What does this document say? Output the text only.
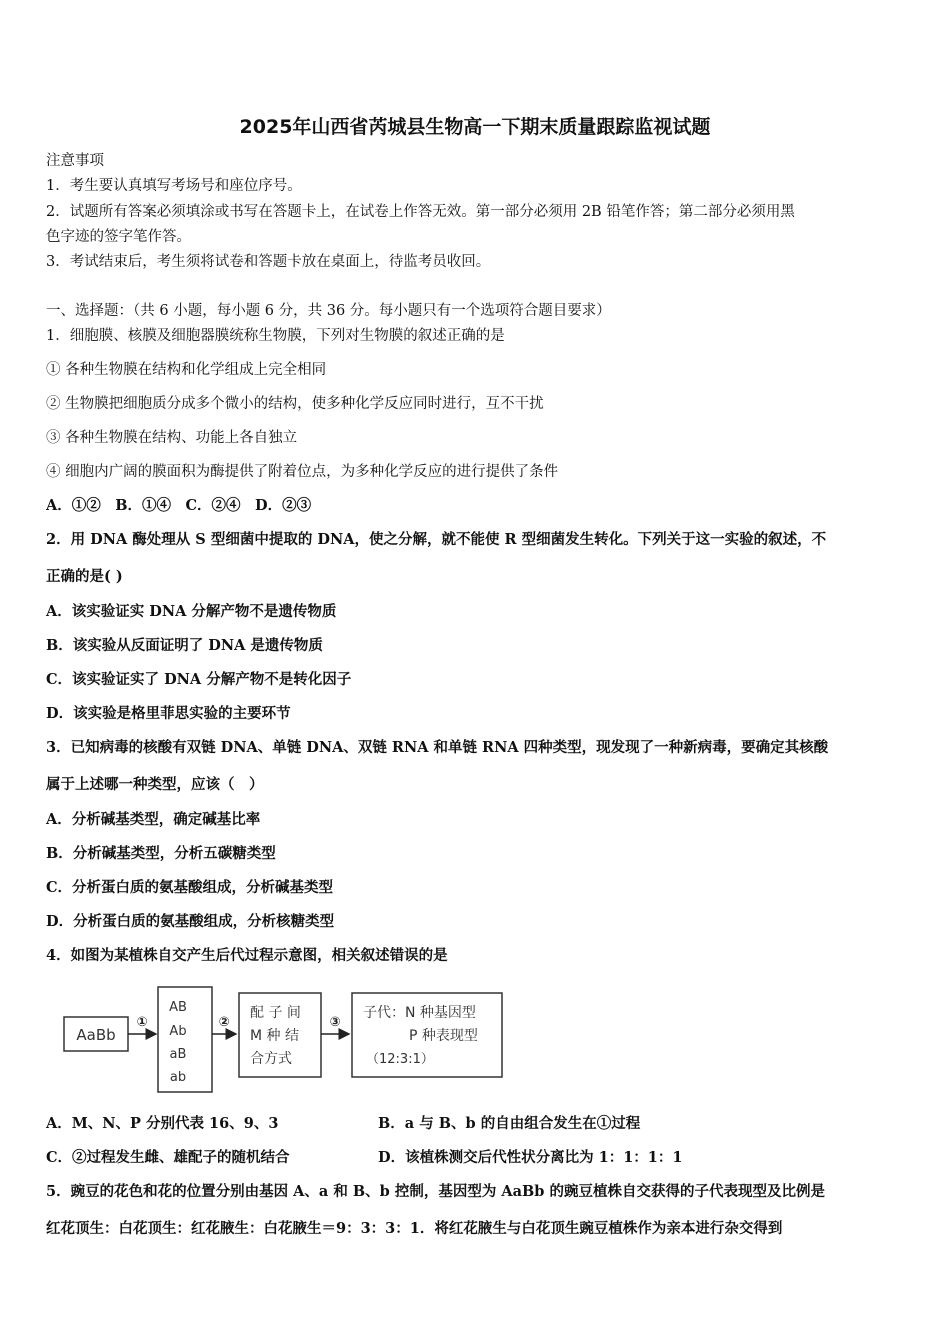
2025年山西省芮城县生物高一下期末质量跟踪监视试题
注意事项
1．考生要认真填写考场号和座位序号。
2．试题所有答案必须填涂或书写在答题卡上，在试卷上作答无效。第一部分必须用 2B 铅笔作答；第二部分必须用黑
色字迹的签字笔作答。
3．考试结束后，考生须将试卷和答题卡放在桌面上，待监考员收回。
一、选择题：（共 6 小题，每小题 6 分，共 36 分。每小题只有一个选项符合题目要求）
1．细胞膜、核膜及细胞器膜统称生物膜，下列对生物膜的叙述正确的是
① 各种生物膜在结构和化学组成上完全相同
② 生物膜把细胞质分成多个微小的结构，使多种化学反应同时进行，互不干扰
③ 各种生物膜在结构、功能上各自独立
④ 细胞内广阔的膜面积为酶提供了附着位点，为多种化学反应的进行提供了条件
A．①②　B．①④　C．②④　D．②③
2．用 DNA 酶处理从 S 型细菌中提取的 DNA，使之分解，就不能使 R 型细菌发生转化。下列关于这一实验的叙述，不
正确的是( )
A．该实验证实 DNA 分解产物不是遗传物质
B．该实验从反面证明了 DNA 是遗传物质
C．该实验证实了 DNA 分解产物不是转化因子
D．该实验是格里菲思实验的主要环节
3．已知病毒的核酸有双链 DNA、单链 DNA、双链 RNA 和单链 RNA 四种类型，现发现了一种新病毒，要确定其核酸
属于上述哪一种类型，应该（　）
A．分析碱基类型，确定碱基比率
B．分析碱基类型，分析五碳糖类型
C．分析蛋白质的氨基酸组成，分析碱基类型
D．分析蛋白质的氨基酸组成，分析核糖类型
4．如图为某植株自交产生后代过程示意图，相关叙述错误的是
AaBb
①
AB
Ab
aB
ab
②
配 子 间
M 种 结
合方式
③
子代：N 种基因型
P 种表现型
（12:3:1）
A．M、N、P 分别代表 16、9、3	B．a 与 B、b 的自由组合发生在①过程
C．②过程发生雌、雄配子的随机结合	D．该植株测交后代性状分离比为 1：1：1：1
5．豌豆的花色和花的位置分别由基因 A、a 和 B、b 控制，基因型为 AaBb 的豌豆植株自交获得的子代表现型及比例是
红花顶生：白花顶生：红花腋生：白花腋生＝9：3：3：1．将红花腋生与白花顶生豌豆植株作为亲本进行杂交得到
